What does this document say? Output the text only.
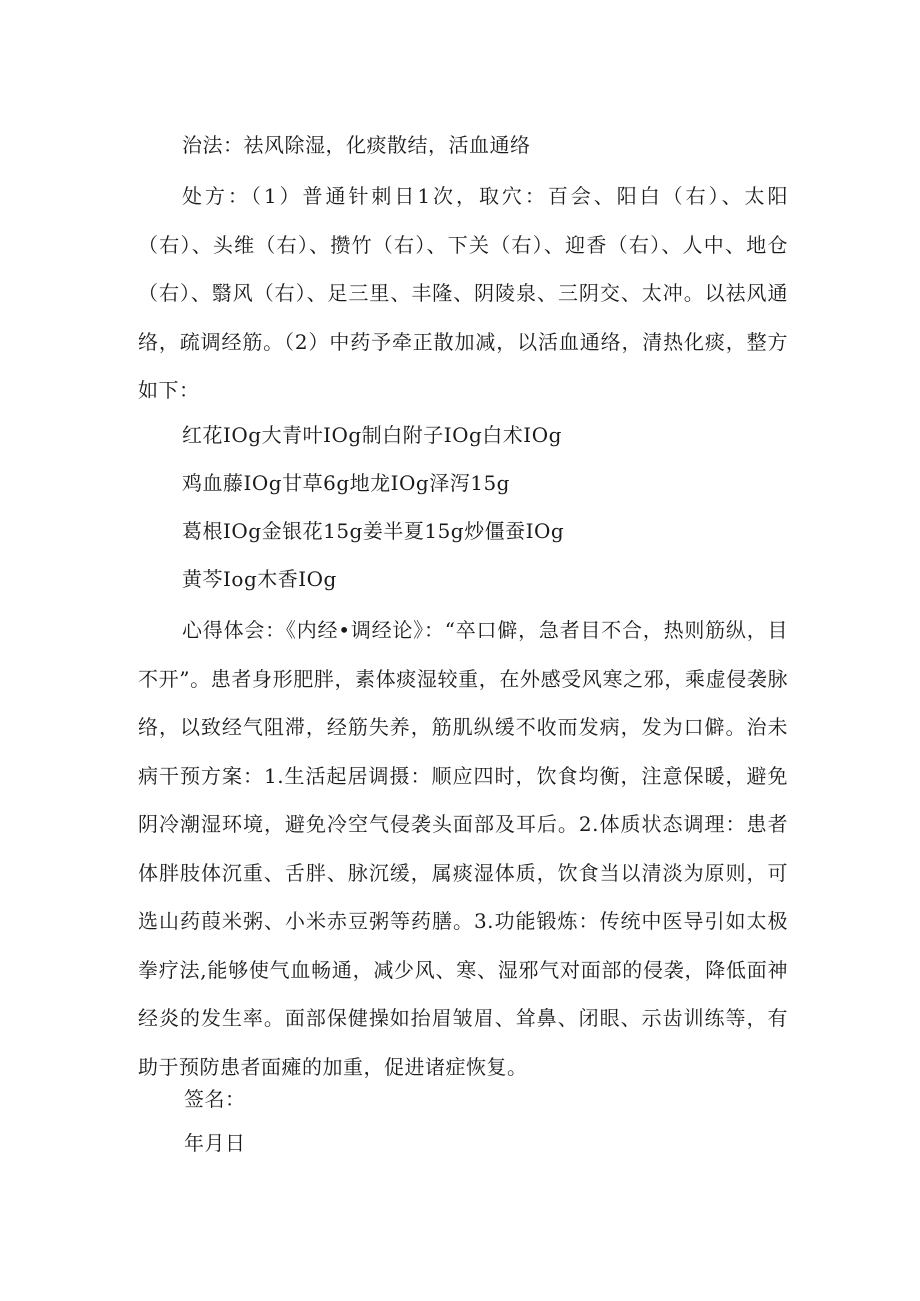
治法：祛风除湿，化痰散结，活血通络

处方：（1）普通针刺日1次，取穴：百会、阳白（右）、太阳（右）、头维（右）、攒竹（右）、下关（右）、迎香（右）、人中、地仓（右）、翳风（右）、足三里、丰隆、阴陵泉、三阴交、太冲。以祛风通络，疏调经筋。（2）中药予牵正散加减，以活血通络，清热化痰，整方如下：

红花IOg大青叶IOg制白附子IOg白术IOg

鸡血藤IOg甘草6g地龙IOg泽泻15g

葛根IOg金银花15g姜半夏15g炒僵蚕IOg

黄芩Iog木香IOg

心得体会：《内经•调经论》：“卒口僻，急者目不合，热则筋纵，目不开”。患者身形肥胖，素体痰湿较重，在外感受风寒之邪，乘虚侵袭脉络，以致经气阻滞，经筋失养，筋肌纵缓不收而发病，发为口僻。治未病干预方案：1.生活起居调摄：顺应四时，饮食均衡，注意保暖，避免阴冷潮湿环境，避免冷空气侵袭头面部及耳后。2.体质状态调理：患者体胖肢体沉重、舌胖、脉沉缓，属痰湿体质，饮食当以清淡为原则，可选山药葭米粥、小米赤豆粥等药膳。3.功能锻炼：传统中医导引如太极拳疗法,能够使气血畅通，减少风、寒、湿邪气对面部的侵袭，降低面神经炎的发生率。面部保健操如抬眉皱眉、耸鼻、闭眼、示齿训练等，有助于预防患者面瘫的加重，促进诸症恢复。

签名：

年月日
